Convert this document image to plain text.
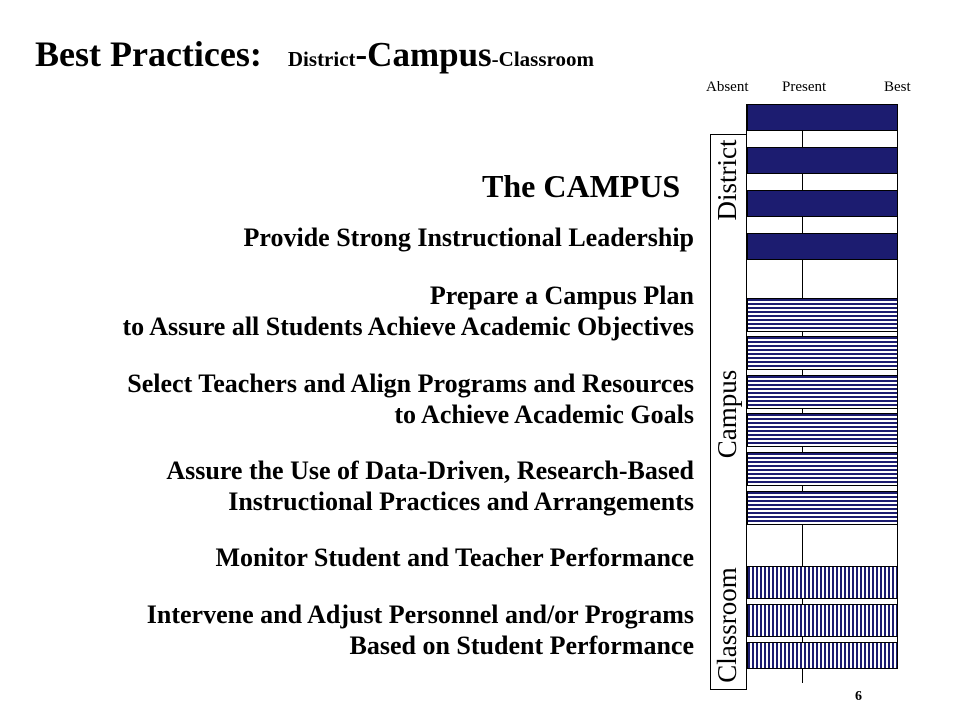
Best Practices: District-Campus-Classroom
The CAMPUS
Provide Strong Instructional Leadership
Prepare a Campus Plan
to Assure all Students Achieve Academic Objectives
Select Teachers and Align Programs and Resources
to Achieve Academic Goals
Assure the Use of Data-Driven, Research-Based
Instructional Practices and Arrangements
Monitor Student and Teacher Performance
Intervene and Adjust Personnel and/or Programs
Based on Student Performance
Absent Present	Best
District
Campus
Classroom
6
